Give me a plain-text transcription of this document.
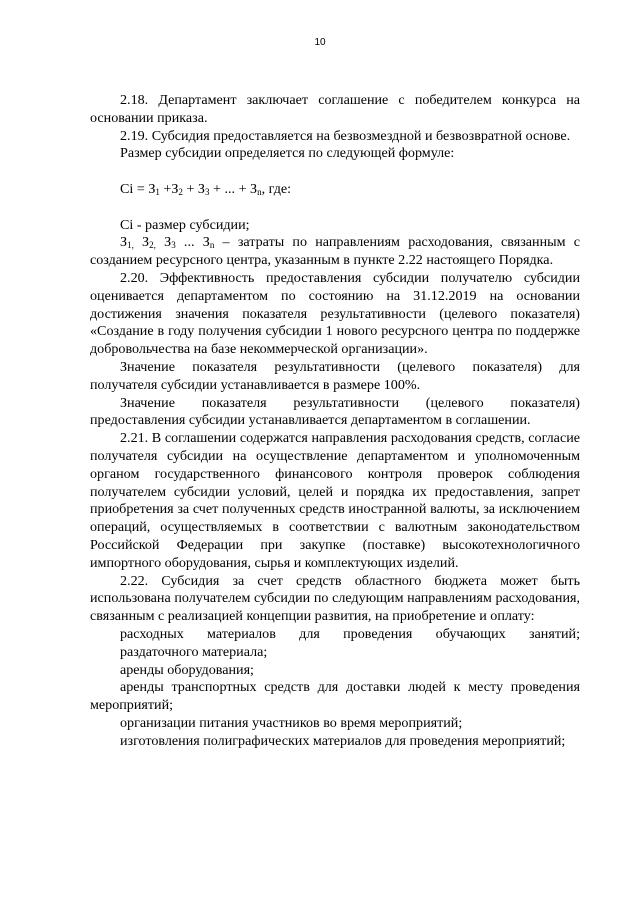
10

2.18. Департамент заключает соглашение с победителем конкурса на основании приказа.

2.19. Субсидия предоставляется на безвозмездной и безвозвратной основе.

Размер субсидии определяется по следующей формуле:

$Ci = З_1 +З_2 + З_3$ + ... + $З_n$, где:

Ci - размер субсидии;

$З_{1,}$ $З_{2,}$ $З_3$ ... $З_n$ – затраты по направлениям расходования, связанным с созданием ресурсного центра, указанным в пункте 2.22 настоящего Порядка.

2.20. Эффективность предоставления субсидии получателю субсидии оценивается департаментом по состоянию на 31.12.2019 на основании достижения значения показателя результативности (целевого показателя) «Создание в году получения субсидии 1 нового ресурсного центра по поддержке добровольчества на базе некоммерческой организации».

Значение показателя результативности (целевого показателя) для получателя субсидии устанавливается в размере 100%.

Значение показателя результативности (целевого показателя) предоставления субсидии устанавливается департаментом в соглашении.

2.21. В соглашении содержатся направления расходования средств, согласие получателя субсидии на осуществление департаментом и уполномоченным органом государственного финансового контроля проверок соблюдения получателем субсидии условий, целей и порядка их предоставления, запрет приобретения за счет полученных средств иностранной валюты, за исключением операций, осуществляемых в соответствии с валютным законодательством Российской Федерации при закупке (поставке) высокотехнологичного импортного оборудования, сырья и комплектующих изделий.

2.22. Субсидия за счет средств областного бюджета может быть использована получателем субсидии по следующим направлениям расходования, связанным с реализацией концепции развития, на приобретение и оплату:

расходных материалов для проведения обучающих занятий;

раздаточного материала;

аренды оборудования;

аренды транспортных средств для доставки людей к месту проведения мероприятий;

организации питания участников во время мероприятий;

изготовления полиграфических материалов для проведения мероприятий;
